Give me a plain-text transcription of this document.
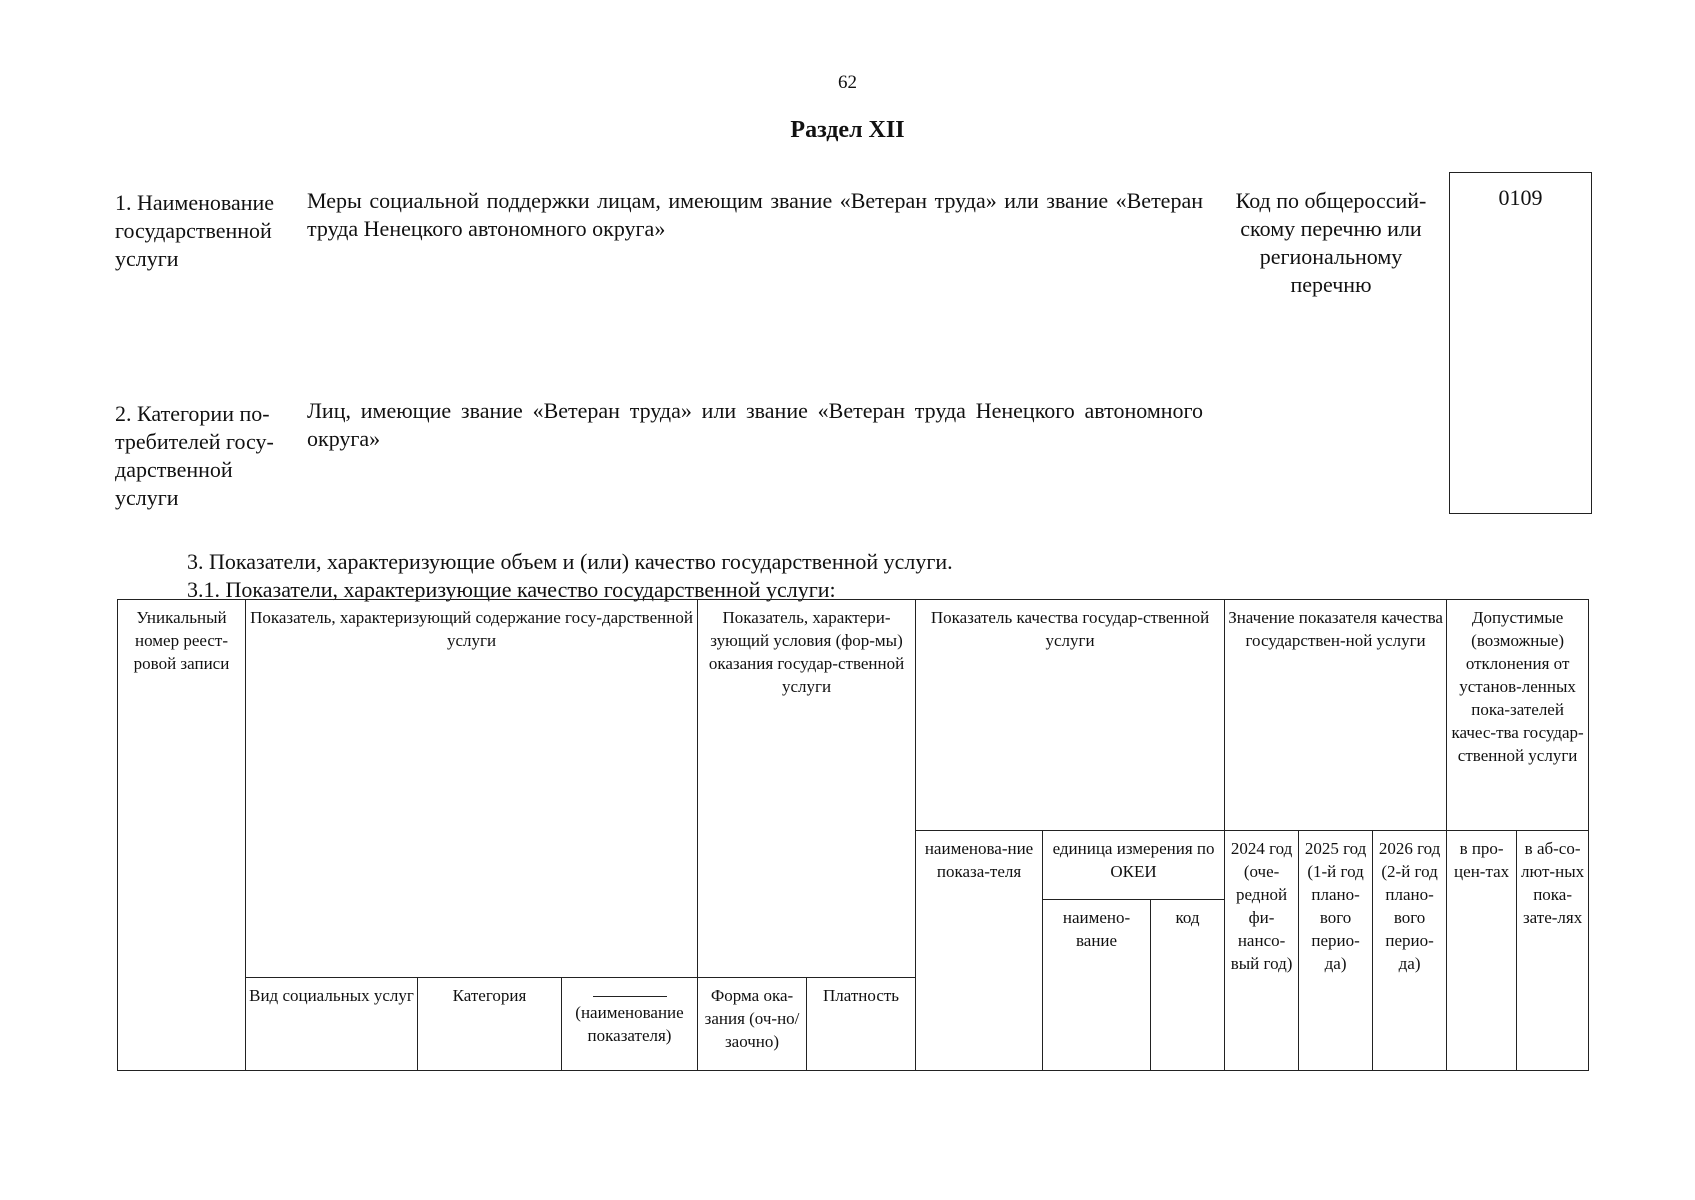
62
Раздел XII
1. Наименование государственной услуги
Меры социальной поддержки лицам, имеющим звание «Ветеран труда» или звание «Ветеран труда Ненецкого автономного округа»
Код по общероссий-скому перечню или региональному перечню
0109
2. Категории по-требителей госу-дарственной услуги
Лиц, имеющие звание «Ветеран труда» или звание «Ветеран труда Ненецкого автономного округа»
3. Показатели, характеризующие объем и (или) качество государственной услуги.
3.1. Показатели, характеризующие качество государственной услуги:
Уникальный номер реест-ровой записи	Показатель, характеризующий содержание госу-дарственной услуги			Показатель, характери-зующий условия (фор-мы) оказания государ-ственной услуги		Показатель качества государ-ственной услуги			Значение показателя качества государствен-ной услуги			Допустимые (возможные) отклонения от установ-ленных пока-зателей качес-тва государ-ственной услуги	
						наименова-ние показа-теля	единица измерения по ОКЕИ		2024 год (оче-редной фи-нансо-вый год)	2025 год (1-й год плано-вого перио-да)	2026 год (2-й год плано-вого перио-да)	в про-цен-тах	в аб-со-лют-ных пока-зате-лях
							наимено-вание	код					
	Вид социальных услуг	Категория	(наименование показателя)	Форма ока-зания (оч-но/заочно)	Платность								
